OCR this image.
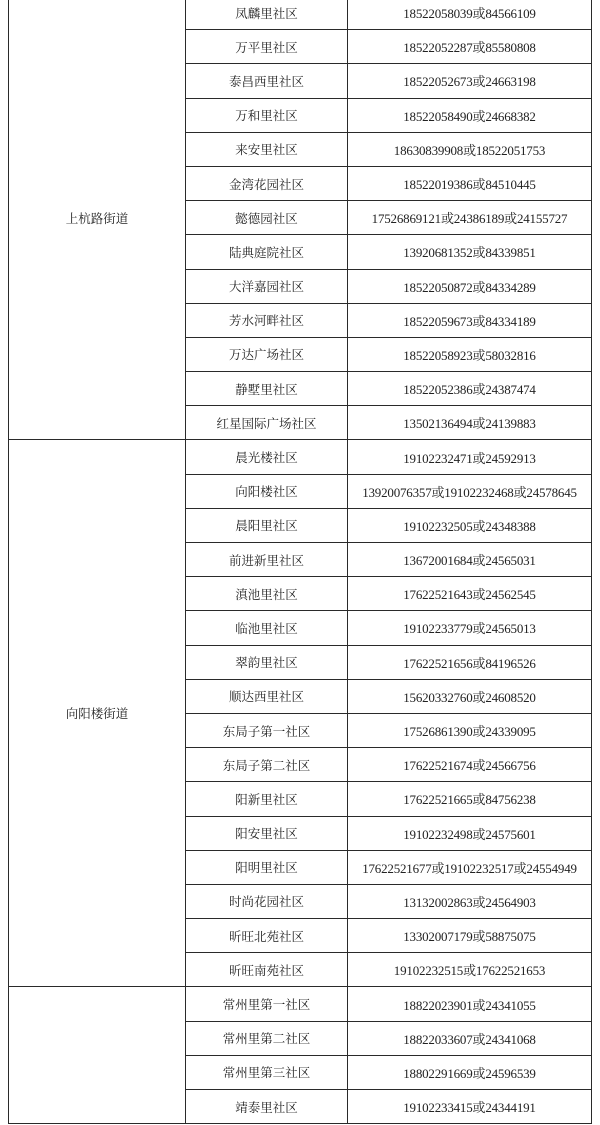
上杭路街道	凤麟里社区	18522058039或84566109
	万平里社区	18522052287或85580808
	泰昌西里社区	18522052673或24663198
	万和里社区	18522058490或24668382
	来安里社区	18630839908或18522051753
	金湾花园社区	18522019386或84510445
	懿德园社区	17526869121或24386189或24155727
	陆典庭院社区	13920681352或84339851
	大洋嘉园社区	18522050872或84334289
	芳水河畔社区	18522059673或84334189
	万达广场社区	18522058923或58032816
	静墅里社区	18522052386或24387474
	红星国际广场社区	13502136494或24139883
向阳楼街道	晨光楼社区	19102232471或24592913
	向阳楼社区	13920076357或19102232468或24578645
	晨阳里社区	19102232505或24348388
	前进新里社区	13672001684或24565031
	滇池里社区	17622521643或24562545
	临池里社区	19102233779或24565013
	翠韵里社区	17622521656或84196526
	顺达西里社区	15620332760或24608520
	东局子第一社区	17526861390或24339095
	东局子第二社区	17622521674或24566756
	阳新里社区	17622521665或84756238
	阳安里社区	19102232498或24575601
	阳明里社区	17622521677或19102232517或24554949
	时尚花园社区	13132002863或24564903
	昕旺北苑社区	13302007179或58875075
	昕旺南苑社区	19102232515或17622521653
	常州里第一社区	18822023901或24341055
	常州里第二社区	18822033607或24341068
	常州里第三社区	18802291669或24596539
	靖泰里社区	19102233415或24344191
